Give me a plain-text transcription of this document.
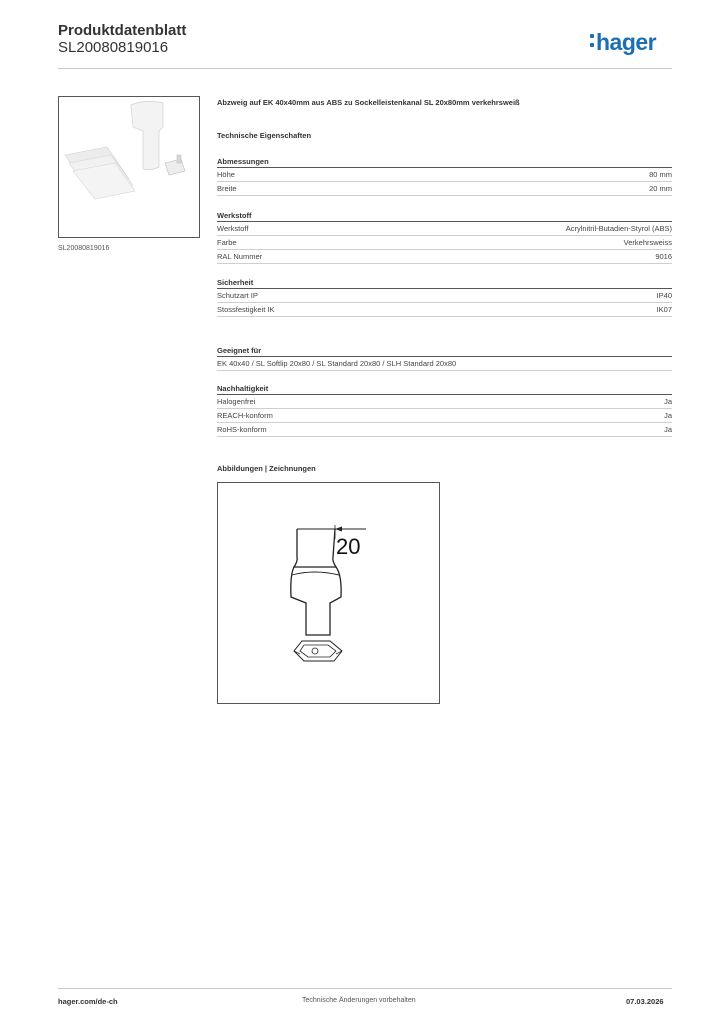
Produktdatenblatt
SL20080819016	hager
SL20080819016
Abzweig auf EK 40x40mm aus ABS zu Sockelleistenkanal SL 20x80mm verkehrsweiß
Technische Eigenschaften
Abmessungen
Höhe	80 mm
Breite	20 mm
Werkstoff
Werkstoff	Acrylnitril-Butadien-Styrol (ABS)
Farbe	Verkehrsweiss
RAL Nummer	9016
Sicherheit
Schutzart IP	IP40
Stossfestigkeit IK	IK07
Geeignet für
EK 40x40 / SL Softlip 20x80 / SL Standard 20x80 / SLH Standard 20x80
Nachhaltigkeit
Halogenfrei	Ja
REACH-konform	Ja
RoHS-konform	Ja
Abbildungen | Zeichnungen
20
hager.com/de-ch	Technische Änderungen vorbehalten	07.03.2026
